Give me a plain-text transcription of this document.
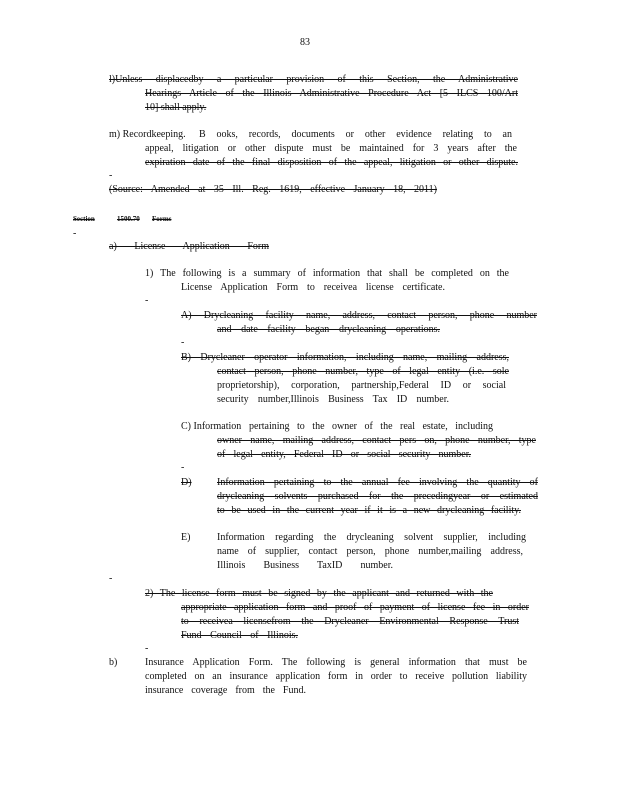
83
l)Unless displacedby a particular provision of this Section, the Administrative
Hearings Article of the Illinois Administrative Procedure Act [5 ILCS 100/Art
10] shall apply.
m) Recordkeeping. B ooks, records, documents or other evidence relating to an
appeal, litigation or other dispute must be maintained for 3 years after the
expiration date of the final disposition of the appeal, litigation or other dispute.
-
(Source: Amended at 35 Ill. Reg. 1619, effective January 18, 2011)
Section	1500.70 Forms
-
a) License Application Form
1) The following is a summary of information that shall be completed on the
License Application Form to receivea license certificate.
-
A) Drycleaning facility name, address, contact person, phone number
and date facility began drycleaning operations.
-
B) Drycleaner operator information, including name, mailing address,
contact person, phone number, type of legal entity (i.e. sole
proprietorship), corporation, partnership,Federal ID or social
security number,Illinois Business Tax ID number.
C) Information pertaining to the owner of the real estate, including
owner name, mailing address, contact pers on, phone number, type
of legal entity, Federal ID or social security number.
-
D)	Information pertaining to the annual fee involving the quantity of
drycleaning solvents purchased for the precedingyear or estimated
to be used in the current year if it is a new drycleaning facility.
E)	Information regarding the drycleaning solvent supplier, including
name of supplier, contact person, phone number,mailing address,
Illinois Business TaxID number.
-
2) The license form must be signed by the applicant and returned with the
appropriate application form and proof of payment of license fee in order
to receivea licensefrom the Drycleaner Environmental Response Trust
Fund Council of Illinois.
-
b)	Insurance Application Form. The following is general information that must be
completed on an insurance application form in order to receive pollution liability
insurance coverage from the Fund.
